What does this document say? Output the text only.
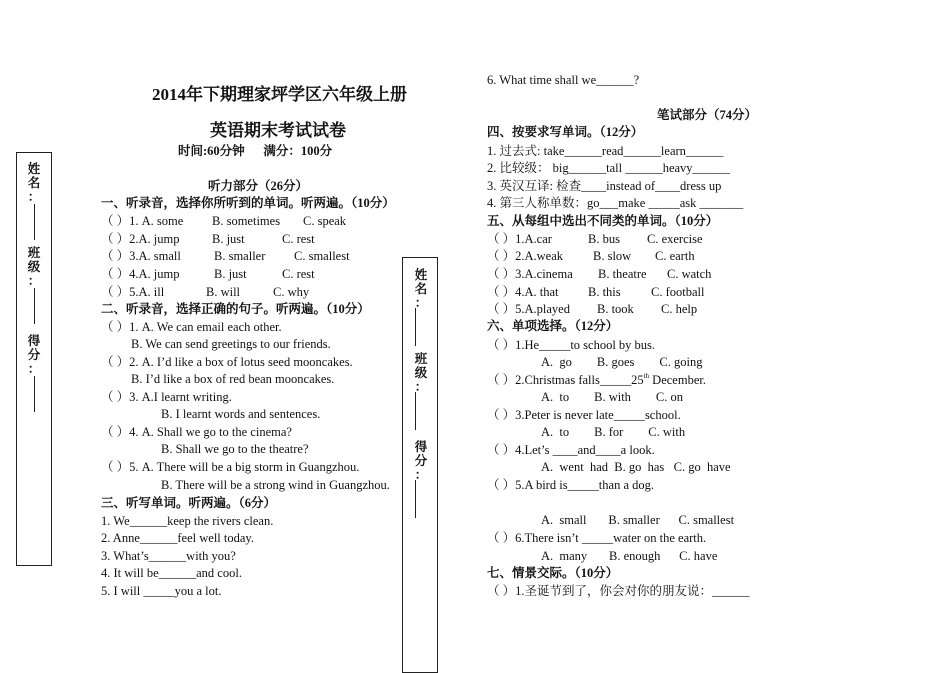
姓
名
：
班
级
：
得
分
：
姓
名
：
班
级
：
得
分
：
2014年下期理家坪学区六年级上册
英语期末考试试卷
时间:60分钟      满分：100分
听力部分（26分）
一、听录音，选择你所听到的单词。听两遍。（10分）
（ ）1. A. some B. sometimes C. speak
（ ）2.A. jump	B. just	C. rest
（ ）3.A. small	B. smaller C. smallest
（ ）4.A. jump	B. just	C. rest
（ ）5.A. ill	B. will	C. why
二、听录音，选择正确的句子。听两遍。（10分）
（ ）1. A. We can email each other.
B. We can send greetings to our friends.
（ ）2. A. I’d like a box of lotus seed mooncakes.
B. I’d like a box of red bean mooncakes.
（ ）3. A.I learnt writing.
B. I learnt words and sentences.
（ ）4. A. Shall we go to the cinema?
B. Shall we go to the theatre?
（ ）5. A. There will be a big storm in Guangzhou.
B. There will be a strong wind in Guangzhou.
三、听写单词。听两遍。（6分）
1. We______keep the rivers clean.
2. Anne______feel well today.
3. What’s______with you?
4. It will be______and cool.
5. I will _____you a lot.
6. What time shall we______?
笔试部分（74分）
四、按要求写单词。（12分）
1. 过去式: take______read______learn______
2. 比较级： big______tall ______heavy______
3. 英汉互译: 检查____instead of____dress up
4. 第三人称单数：go___make _____ask _______
五、从每组中选出不同类的单词。（10分）
（ ）1.A.car	B. bus C. exercise
（ ）2.A.weak B. slow C. earth
（ ）3.A.cinema B. theatre C. watch
（ ）4.A. that B. this C. football
（ ）5.A.played B. took C. help
六、单项选择。（12分）
（ ）1.He_____to school by bus.
A.  go        B. goes        C. going
（ ）2.Christmas falls_____25th December.
A.  to        B. with        C. on
（ ）3.Peter is never late_____school.
A.  to        B. for        C. with
（ ）4.Let’s ____and____a look.
A.  went  had  B. go  has   C. go  have
（ ）5.A bird is_____than a dog.
A.  small       B. smaller      C. smallest
（ ）6.There isn’t _____water on the earth.
A.  many       B. enough      C. have
七、情景交际。（10分）
（ ）1.圣诞节到了，你会对你的朋友说：______
